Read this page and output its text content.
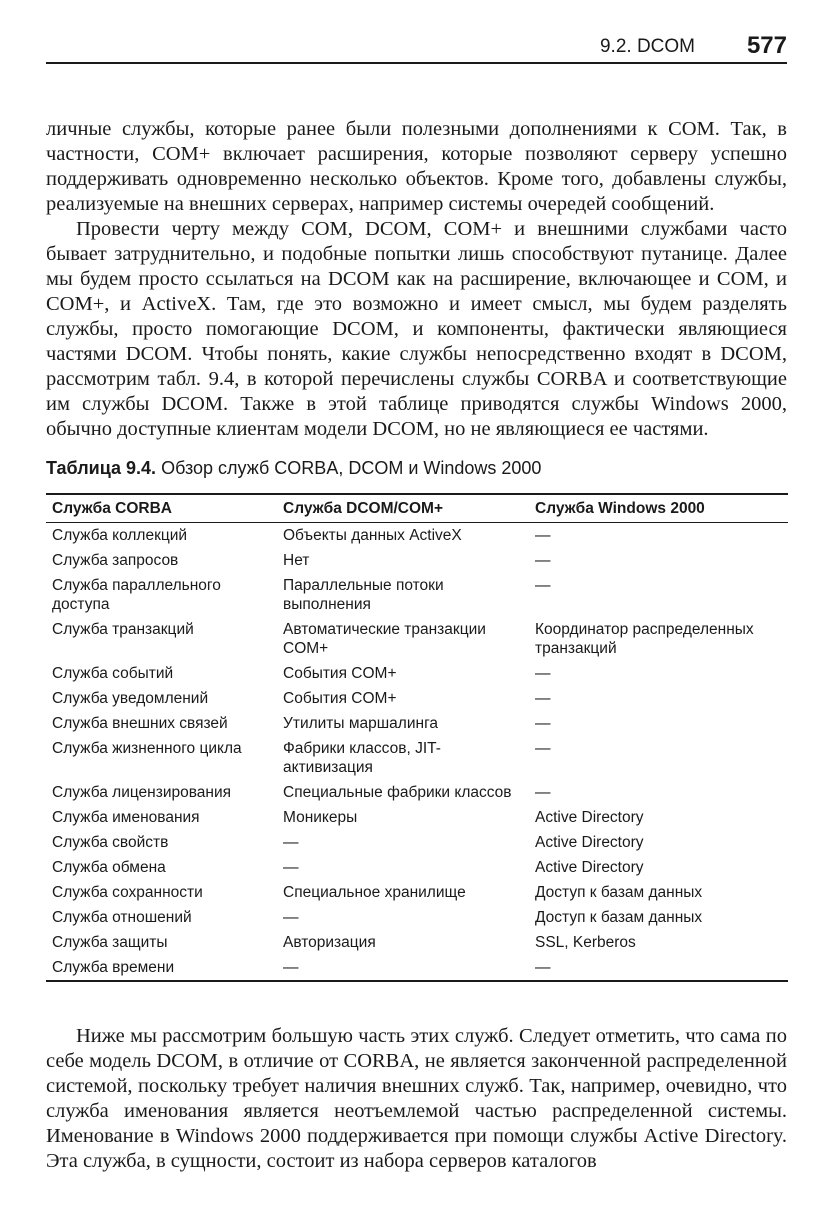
9.2. DCOM 577

личные службы, которые ранее были полезными дополнениями к COM. Так, в частности, COM+ включает расширения, которые позволяют серверу успешно поддерживать одновременно несколько объектов. Кроме того, добавлены службы, реализуемые на внешних серверах, например системы очередей сообщений.

Провести черту между COM, DCOM, COM+ и внешними службами часто бывает затруднительно, и подобные попытки лишь способствуют путанице. Далее мы будем просто ссылаться на DCOM как на расширение, включающее и COM, и COM+, и ActiveX. Там, где это возможно и имеет смысл, мы будем разделять службы, просто помогающие DCOM, и компоненты, фактически являющиеся частями DCOM. Чтобы понять, какие службы непосредственно входят в DCOM, рассмотрим табл. 9.4, в которой перечислены службы CORBA и соответствующие им службы DCOM. Также в этой таблице приводятся службы Windows 2000, обычно доступные клиентам модели DCOM, но не являющиеся ее частями.

Таблица 9.4. Обзор служб CORBA, DCOM и Windows 2000
Служба CORBA	Служба DCOM/COM+	Служба Windows 2000
Служба коллекций	Объекты данных ActiveX	—
Служба запросов	Нет	—
Служба параллельного доступа	Параллельные потоки выполнения	—
Служба транзакций	Автоматические транзакции COM+	Координатор распределенных транзакций
Служба событий	События COM+	—
Служба уведомлений	События COM+	—
Служба внешних связей	Утилиты маршалинга	—
Служба жизненного цикла	Фабрики классов, JIT-активизация	—
Служба лицензирования	Специальные фабрики классов	—
Служба именования	Моникеры	Active Directory
Служба свойств	—	Active Directory
Служба обмена	—	Active Directory
Служба сохранности	Специальное хранилище	Доступ к базам данных
Служба отношений	—	Доступ к базам данных
Служба защиты	Авторизация	SSL, Kerberos
Служба времени	—	—

Ниже мы рассмотрим большую часть этих служб. Следует отметить, что сама по себе модель DCOM, в отличие от CORBA, не является законченной распределенной системой, поскольку требует наличия внешних служб. Так, например, очевидно, что служба именования является неотъемлемой частью распределенной системы. Именование в Windows 2000 поддерживается при помощи службы Active Directory. Эта служба, в сущности, состоит из набора серверов каталогов
